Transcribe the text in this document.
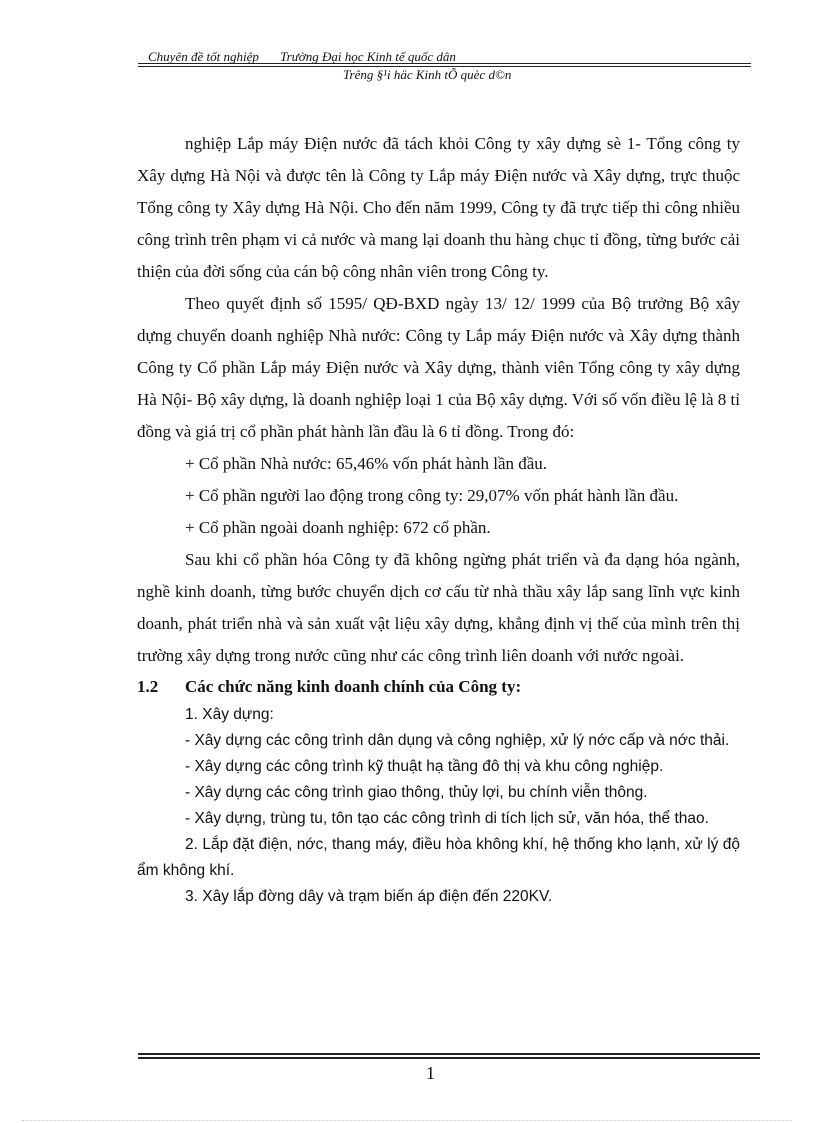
Chuyên đề tốt nghiệp Trường Đại học Kinh tế quốc dân
Trêng §¹i häc Kinh tÕ quèc d©n

nghiệp Lắp máy Điện nước đã tách khỏi Công ty xây dựng sè 1- Tổng công ty Xây dựng Hà Nội và được tên là Công ty Lắp máy Điện nước và Xây dựng, trực thuộc Tổng công ty Xây dựng Hà Nội. Cho đến năm 1999, Công ty đã trực tiếp thi công nhiều công trình trên phạm vi cả nước và mang lại doanh thu hàng chục tỉ đồng, từng bước cải thiện của đời sống của cán bộ công nhân viên trong Công ty.

Theo quyết định số 1595/ QĐ-BXD ngày 13/ 12/ 1999 của Bộ trưởng Bộ xây dựng chuyển doanh nghiệp Nhà nước: Công ty Lắp máy Điện nước và Xây dựng thành Công ty Cổ phần Lắp máy Điện nước và Xây dựng, thành viên Tổng công ty xây dựng Hà Nội- Bộ xây dựng, là doanh nghiệp loại 1 của Bộ xây dựng. Với số vốn điều lệ là 8 tỉ đồng và giá trị cổ phần phát hành lần đầu là 6 tỉ đồng. Trong đó:

+ Cổ phần Nhà nước: 65,46% vốn phát hành lần đầu.

+ Cổ phần người lao động trong công ty: 29,07% vốn phát hành lần đầu.

+ Cổ phần ngoài doanh nghiệp: 672 cổ phần.

Sau khi cổ phần hóa Công ty đã không ngừng phát triển và đa dạng hóa ngành, nghề kinh doanh, từng bước chuyển dịch cơ cấu từ nhà thầu xây lắp sang lĩnh vực kinh doanh, phát triển nhà và sản xuất vật liệu xây dựng, khẳng định vị thế của mình trên thị trường xây dựng trong nước cũng như các công trình liên doanh với nước ngoài.

1.2 Các chức năng kinh doanh chính của Công ty:

1. Xây dựng:

- Xây dựng các công trình dân dụng và công nghiệp, xử lý nớc cấp và nớc thải.

- Xây dựng các công trình kỹ thuật hạ tầng đô thị và khu công nghiệp.

- Xây dựng các công trình giao thông, thủy lợi, bu chính viễn thông.

- Xây dựng, trùng tu, tôn tạo các công trình di tích lịch sử, văn hóa, thể thao.

2. Lắp đặt điện, nớc, thang máy, điều hòa không khí, hệ thống kho lạnh, xử lý độ ẩm không khí.

3. Xây lắp đờng dây và trạm biến áp điện đến 220KV.

1
